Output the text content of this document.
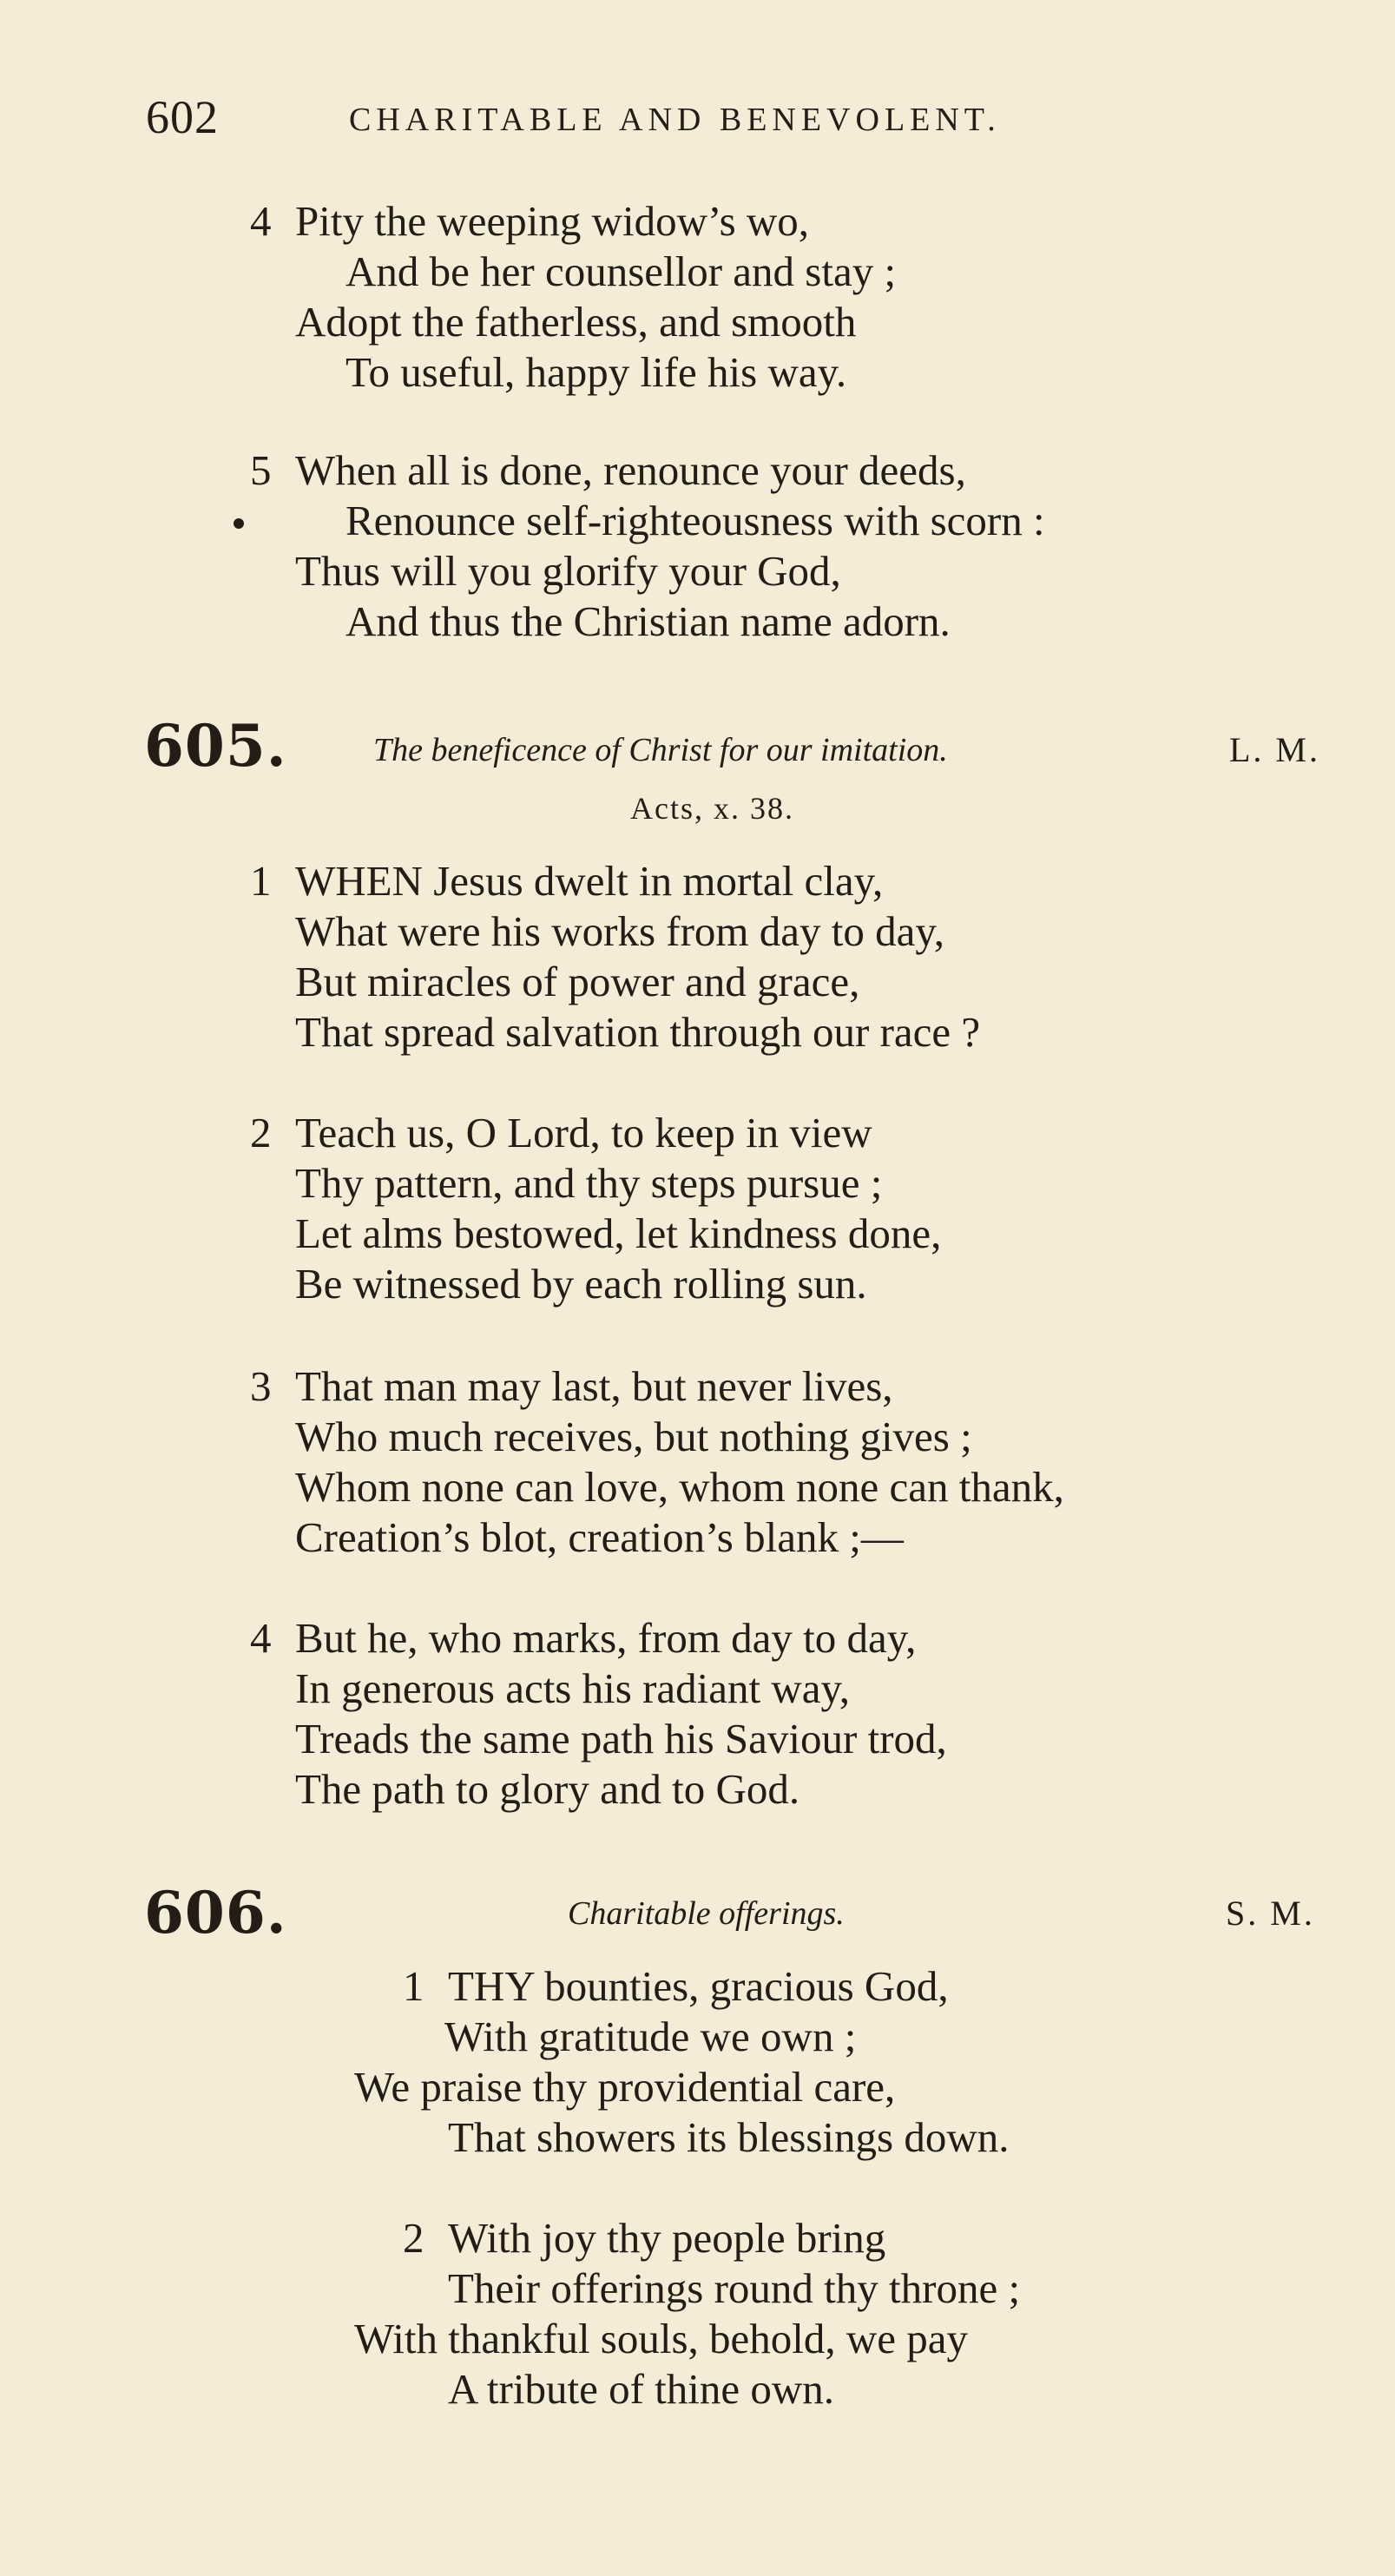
602	CHARITABLE AND BENEVOLENT.
4 Pity the weeping widow’s wo,
And be her counsellor and stay ;
Adopt the fatherless, and smooth
To useful, happy life his way.
5 When all is done, renounce your deeds,
Renounce self-righteousness with scorn :
Thus will you glorify your God,
And thus the Christian name adorn.
605.	The beneficence of Christ for our imitation.	L. M.
Acts, x. 38.
1 WHEN Jesus dwelt in mortal clay,
What were his works from day to day,
But miracles of power and grace,
That spread salvation through our race ?
2 Teach us, O Lord, to keep in view
Thy pattern, and thy steps pursue ;
Let alms bestowed, let kindness done,
Be witnessed by each rolling sun.
3 That man may last, but never lives,
Who much receives, but nothing gives ;
Whom none can love, whom none can thank,
Creation’s blot, creation’s blank ;—
4 But he, who marks, from day to day,
In generous acts his radiant way,
Treads the same path his Saviour trod,
The path to glory and to God.
606.	Charitable offerings.	S. M.
1 THY bounties, gracious God,
With gratitude we own ;
We praise thy providential care,
That showers its blessings down.
2 With joy thy people bring
Their offerings round thy throne ;
With thankful souls, behold, we pay
A tribute of thine own.
